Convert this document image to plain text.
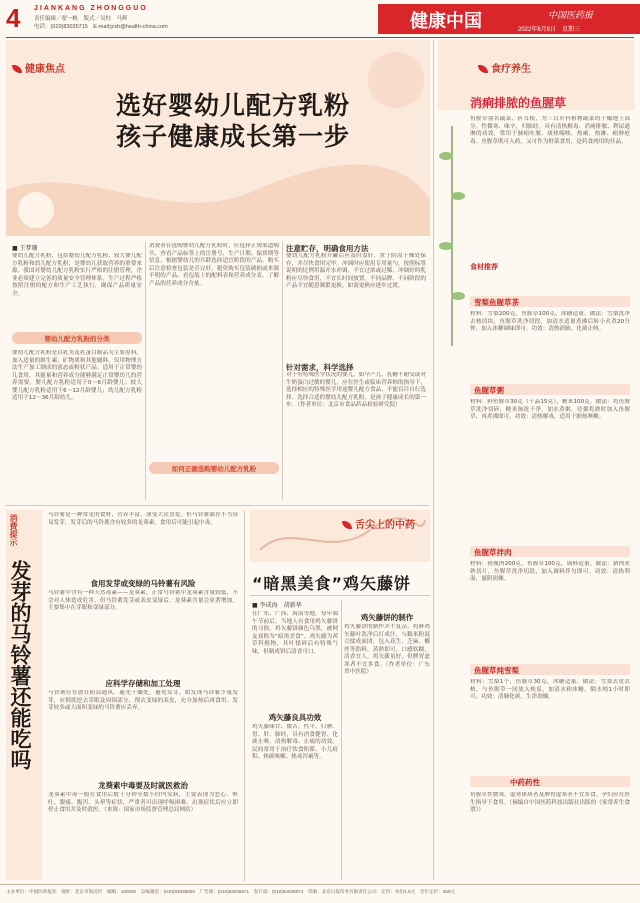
4 JIANKANG ZHONGGUO
责任编辑／翟一帆　版式／吴柱　马辉
电话：(010)83035715　E-mail:jcsh@health-china.com	健康中国	中国医药报
2022年6月8日　星期三
健康焦点
选好婴幼儿配方乳粉
孩子健康成长第一步
■ 王梦珊
婴幼儿配方乳粉，包括婴幼儿配方乳粉、较大婴儿配方乳粉和幼儿配方乳粉，是婴幼儿获取营养的重要来源。我国对婴幼儿配方乳粉实行严格的注册管理，企业必须建立完善的质量安全管理体系，生产过程严格按照注册的配方和生产工艺执行，确保产品质量安全。
婴幼儿配方乳粉的分类
婴幼儿配方乳粉是以乳类及乳蛋白制品为主要原料，加入适量的维生素、矿物质和其他辅料，仅用物理方法生产加工制成的液态或粉状产品。适用于正常婴幼儿食用，其能量和营养成分能够满足正常婴幼儿的营养需要。婴儿配方乳粉适用于0～6月龄婴儿；较大婴儿配方乳粉适用于6～12月龄婴儿；幼儿配方乳粉适用于12～36月龄幼儿。
消费者在选购婴幼儿配方乳粉时，应选择正规渠道购买，查看产品标签上的注册号、生产日期、保质期等信息，根据婴幼儿的月龄选择适宜阶段的产品。购买后注意检查包装是否完好，避免购买包装破损或来源不明的产品。看包装上的配料表和营养成分表，了解产品的营养成分含量。
如何正确选购婴幼儿配方乳粉
注意贮存，明确食用方法
婴幼儿配方乳粉开罐后应及时盖好，置于阴凉干燥处保存，并尽快食用完毕。冲调时应使用专用量勺，按照标签说明的比例用温开水冲调，不宜过浓或过稀。冲调好的乳粉应尽快食用，不宜长时间放置。不同品牌、不同阶段的产品不宜随意频繁更换，如需更换应逐步过渡。
针对需求，科学选择
对于有特殊医学状况的婴儿，如早产儿、乳糖不耐受或对牛奶蛋白过敏的婴儿，应在医生或临床营养师的指导下，选择相应的特殊医学用途婴儿配方食品，不能盲目自行选择。选择合适的婴幼儿配方乳粉，是孩子健康成长的第一步。（作者单位：北京市食品药品检验研究院）
消费提示
发芽的马铃薯还能吃吗
马铃薯是一种常见的食材，营养丰富，深受大众喜爱。但马铃薯储存不当容易发芽，发芽后的马铃薯含有较多的龙葵素，食用后可能引起中毒。
食用发芽或变绿的马铃薯有风险
马铃薯中含有一种天然毒素——龙葵素。正常马铃薯中龙葵素含量较低，不会对人体造成危害。但马铃薯发芽或表皮变绿后，龙葵素含量会显著增加，主要集中在芽眼和变绿部分。
应科学存储和加工处理
马铃薯应存放在阴凉通风、避光干燥处，避免发芽。如发现马铃薯少量发芽，应彻底挖去芽眼及周围部分，削去变绿的表皮，充分加热后再食用。发芽较多或大面积变绿的马铃薯应丢弃。
龙葵素中毒要及时就医救治
龙葵素中毒一般在食用后数十分钟至数小时内发病，主要表现为恶心、呕吐、腹痛、腹泻、头晕等症状，严重者可出现呼吸困难。出现症状后应立即停止食用并及时就医。（来源：国家市场监督管理总局网站）
舌尖上的中药
“暗黑美食”鸡矢藤饼
■ 李成海　胡新华
在广东、广西、海南等地，每年端午节前后，当地人有食用鸡矢藤饼的习俗。鸡矢藤饼颜色乌黑，被网友戏称为“暗黑美食”。鸡矢藤为茜草科植物，其叶揉碎后有特殊气味，但制成饼后清香可口。
鸡矢藤良具功效
鸡矢藤味甘、微苦，性平，归脾、胃、肝、肺经，具有消食健胃、化痰止咳、清热解毒、止痛的功效。民间常用于治疗饮食积滞、小儿疳积、热痰咳嗽、热毒泻痢等。
鸡矢藤饼的制作
鸡矢藤饼的制作并不复杂。将鲜鸡矢藤叶洗净后打成汁，与糯米粉混合揉成面团，包入花生、芝麻、椰丝等馅料，蒸熟即可。口感软糯，清香宜人。鸡矢藤虽好，但脾胃虚寒者不宜多食。（作者单位：广东省中医院）
食疗养生
消痢排脓的鱼腥草
鱼腥草别名蕺菜、折耳根，为三白草科植物蕺菜的干燥地上部分，性微寒、味辛，归肺经。具有清热解毒、消痈排脓、利尿通淋的功效，常用于肺痈吐脓、痰热喘咳、热痢、热淋、痈肿疮毒。鱼腥草既可入药，又可作为野菜食用，是药食两用的佳品。
食材推荐
雪梨鱼腥草茶
材料：雪梨200克，鱼腥草100克，冰糖适量。做法：雪梨洗净去核切块，鱼腥草洗净切段，加清水适量煮沸后转小火煮20分钟，加入冰糖调味即可。功效：清热润肺，化痰止咳。
鱼腥草粥
材料：鲜鱼腥草30克（干品15克），粳米100克。做法：将鱼腥草洗净切碎，粳米淘洗干净，加水煮粥，待粥将熟时加入鱼腥草，再煮沸即可。功效：清热解毒，适用于肺热咳嗽。
鱼腥草拌肉
材料：猪瘦肉200克，鱼腥草100克，调料适量。做法：猪肉煮熟切片，鱼腥草洗净切段，加入调料拌匀即可。功效：清热利湿，滋阴润燥。
鱼腥草炖雪梨
材料：雪梨1个，鱼腥草30克，冰糖适量。做法：雪梨去皮去核，与鱼腥草一同放入炖盅，加清水和冰糖，隔水炖1小时即可。功效：清肺化痰，生津润燥。
中药药性
鱼腥草性微寒，虚寒体质者及脾胃虚寒者不宜多食。孕妇应在医生指导下食用。（摘编自中国医药科技出版社出版的《家常养生食谱》）
主办单位：中国医药报社　地址：北京市海淀区　邮编：100082　总编辑室：(010)83035600　广告部：(010)83035671　发行部：(010)83035674　印刷：北京日报印务有限责任公司　定价：每份1.5元　全年定价：360元
